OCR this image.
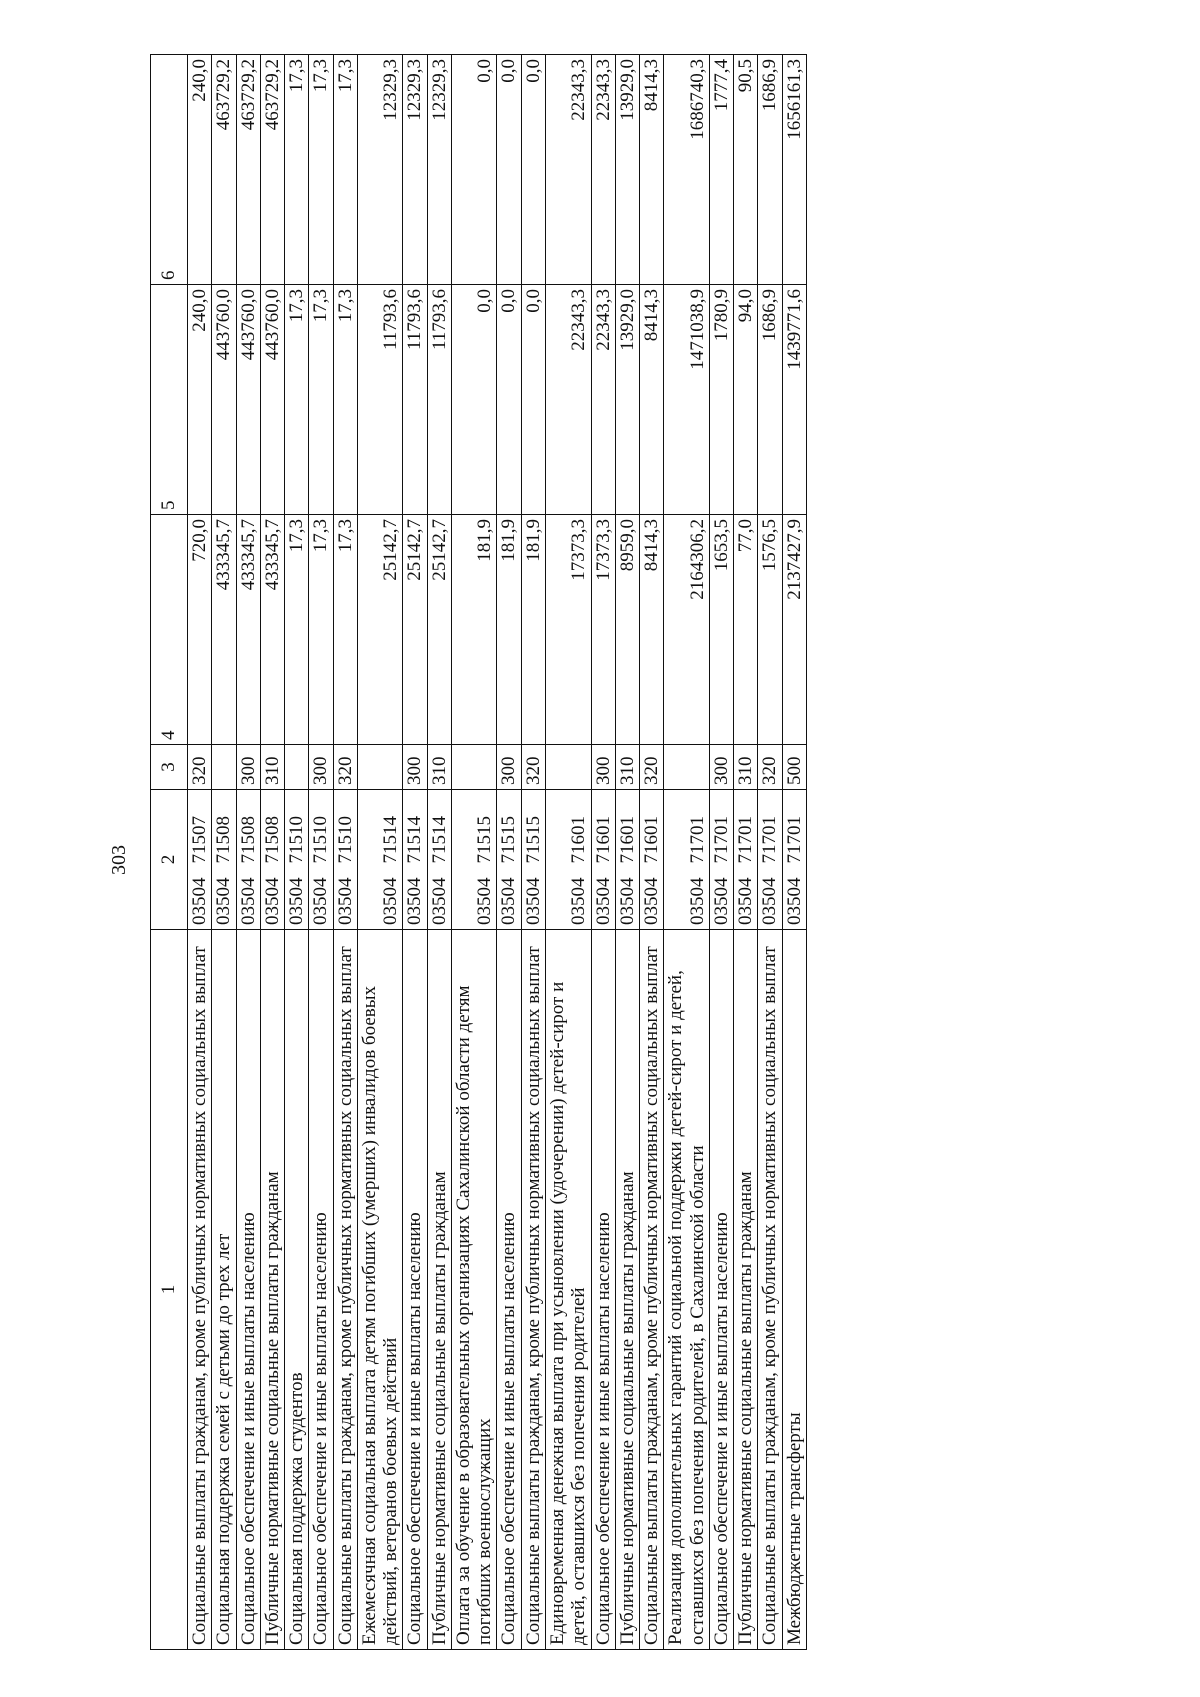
303
1	2	3	4	5	6
Социальные выплаты гражданам, кроме публичных нормативных социальных выплат	0350471507	320	720,0	240,0	240,0
Социальная поддержка семей с детьми до трех лет	0350471508		433345,7	443760,0	463729,2
Социальное обеспечение и иные выплаты населению	0350471508	300	433345,7	443760,0	463729,2
Публичные нормативные социальные выплаты гражданам	0350471508	310	433345,7	443760,0	463729,2
Социальная поддержка студентов	0350471510		17,3	17,3	17,3
Социальное обеспечение и иные выплаты населению	0350471510	300	17,3	17,3	17,3
Социальные выплаты гражданам, кроме публичных нормативных социальных выплат	0350471510	320	17,3	17,3	17,3
Ежемесячная социальная выплата детям погибших (умерших) инвалидов боевых действий, ветеранов боевых действий	0350471514		25142,7	11793,6	12329,3
Социальное обеспечение и иные выплаты населению	0350471514	300	25142,7	11793,6	12329,3
Публичные нормативные социальные выплаты гражданам	0350471514	310	25142,7	11793,6	12329,3
Оплата за обучение в образовательных организациях Сахалинской области детям погибших военнослужащих	0350471515		181,9	0,0	0,0
Социальное обеспечение и иные выплаты населению	0350471515	300	181,9	0,0	0,0
Социальные выплаты гражданам, кроме публичных нормативных социальных выплат	0350471515	320	181,9	0,0	0,0
Единовременная денежная выплата при усыновлении (удочерении) детей-сирот и детей, оставшихся без попечения родителей	0350471601		17373,3	22343,3	22343,3
Социальное обеспечение и иные выплаты населению	0350471601	300	17373,3	22343,3	22343,3
Публичные нормативные социальные выплаты гражданам	0350471601	310	8959,0	13929,0	13929,0
Социальные выплаты гражданам, кроме публичных нормативных социальных выплат	0350471601	320	8414,3	8414,3	8414,3
Реализация дополнительных гарантий социальной поддержки детей-сирот и детей, оставшихся без попечения родителей, в Сахалинской области	0350471701		2164306,2	1471038,9	1686740,3
Социальное обеспечение и иные выплаты населению	0350471701	300	1653,5	1780,9	1777,4
Публичные нормативные социальные выплаты гражданам	0350471701	310	77,0	94,0	90,5
Социальные выплаты гражданам, кроме публичных нормативных социальных выплат	0350471701	320	1576,5	1686,9	1686,9
Межбюджетные трансферты	0350471701	500	2137427,9	1439771,6	1656161,3
